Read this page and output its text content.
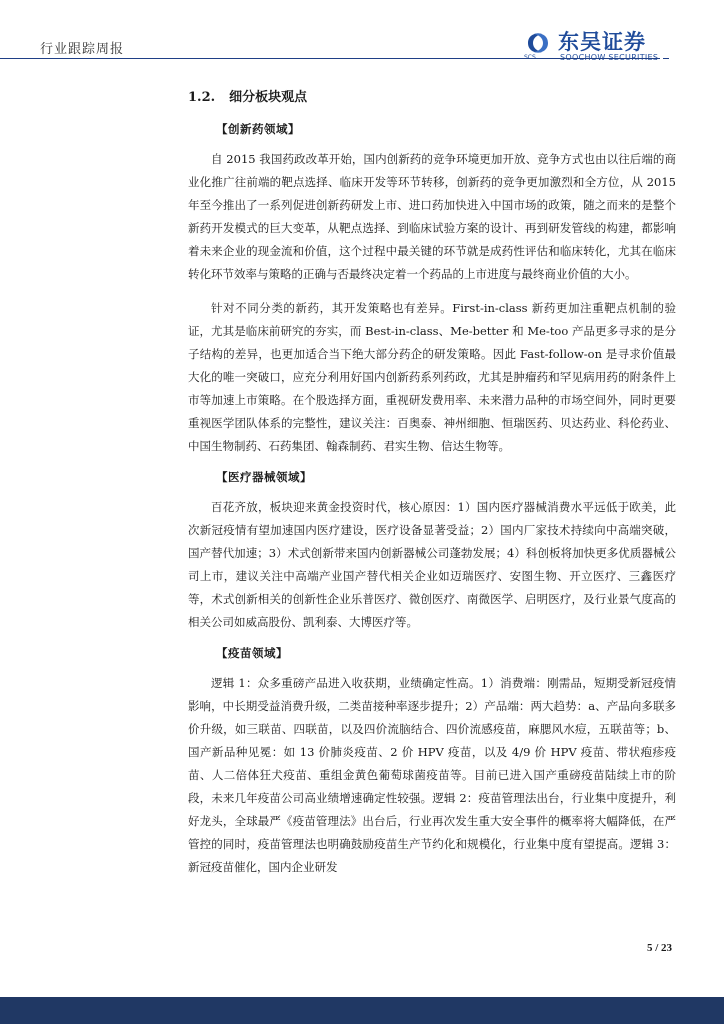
行业跟踪周报	东吴证券
1.2. 细分板块观点
【创新药领域】

自 2015 我国药政改革开始，国内创新药的竞争环境更加开放、竞争方式也由以往后端的商业化推广往前端的靶点选择、临床开发等环节转移，创新药的竞争更加激烈和全方位，从 2015 年至今推出了一系列促进创新药研发上市、进口药加快进入中国市场的政策，随之而来的是整个新药开发模式的巨大变革，从靶点选择、到临床试验方案的设计、再到研发管线的构建，都影响着未来企业的现金流和价值，这个过程中最关键的环节就是成药性评估和临床转化，尤其在临床转化环节效率与策略的正确与否最终决定着一个药品的上市进度与最终商业价值的大小。

针对不同分类的新药，其开发策略也有差异。First-in-class 新药更加注重靶点机制的验证，尤其是临床前研究的夯实，而 Best-in-class、Me-better 和 Me-too 产品更多寻求的是分子结构的差异，也更加适合当下绝大部分药企的研发策略。因此 Fast-follow-on 是寻求价值最大化的唯一突破口，应充分利用好国内创新药系列药政，尤其是肿瘤药和罕见病用药的附条件上市等加速上市策略。在个股选择方面，重视研发费用率、未来潜力品种的市场空间外，同时更要重视医学团队体系的完整性，建议关注：百奥泰、神州细胞、恒瑞医药、贝达药业、科伦药业、中国生物制药、石药集团、翰森制药、君实生物、信达生物等。

【医疗器械领域】

百花齐放，板块迎来黄金投资时代，核心原因：1）国内医疗器械消费水平远低于欧美，此次新冠疫情有望加速国内医疗建设，医疗设备显著受益；2）国内厂家技术持续向中高端突破，国产替代加速；3）术式创新带来国内创新器械公司蓬勃发展；4）科创板将加快更多优质器械公司上市，建议关注中高端产业国产替代相关企业如迈瑞医疗、安图生物、开立医疗、三鑫医疗等，术式创新相关的创新性企业乐普医疗、微创医疗、南微医学、启明医疗，及行业景气度高的相关公司如威高股份、凯利泰、大博医疗等。

【疫苗领域】

逻辑 1：众多重磅产品进入收获期，业绩确定性高。1）消费端：刚需品，短期受新冠疫情影响，中长期受益消费升级，二类苗接种率逐步提升；2）产品端：两大趋势：a、产品向多联多价升级，如三联苗、四联苗，以及四价流脑结合、四价流感疫苗，麻腮风水痘，五联苗等；b、国产新品种见冕：如 13 价肺炎疫苗、2 价 HPV 疫苗，以及 4/9 价 HPV 疫苗、带状疱疹疫苗、人二倍体狂犬疫苗、重组金黄色葡萄球菌疫苗等。目前已进入国产重磅疫苗陆续上市的阶段，未来几年疫苗公司高业绩增速确定性较强。逻辑 2：疫苗管理法出台，行业集中度提升，利好龙头，全球最严《疫苗管理法》出台后，行业再次发生重大安全事件的概率将大幅降低，在严管控的同时，疫苗管理法也明确鼓励疫苗生产节约化和规模化，行业集中度有望提高。逻辑 3：新冠疫苗催化，国内企业研发

5 / 23
